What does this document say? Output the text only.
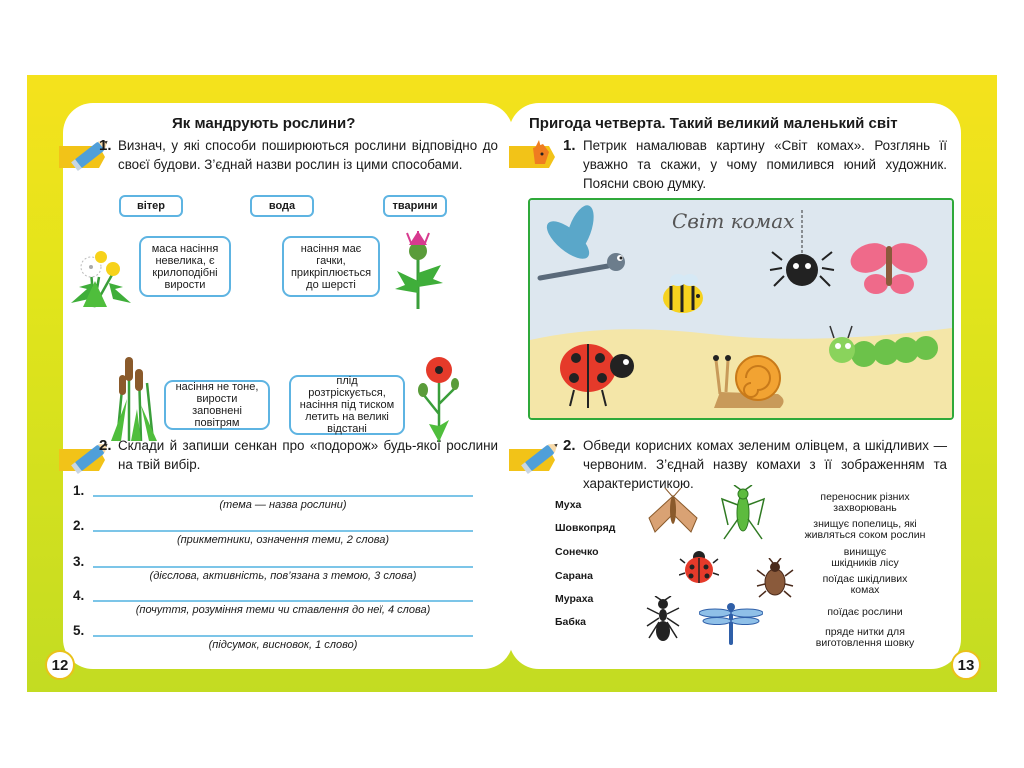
Як мандрують рослини?
1. Визнач, у які способи поширюються рослини відповідно до своєї будови. З’єднай назви рослин із цими способами.
вітер	вода	тварини
маса насіння невелика, є крилоподібні вирости
насіння має гачки, прикріплюється до шерсті
насіння не тоне, вирости заповнені повітрям
плід розтріскується, насіння під тиском летить на великі відстані
2. Склади й запиши сенкан про «подорож» будь-якої рослини на твій вибір.
1.
(тема — назва рослини)
2.
(прикметники, означення теми, 2 слова)
3.
(дієслова, активність, пов’язана з темою, 3 слова)
4.
(почуття, розуміння теми чи ставлення до неї, 4 слова)
5.
(підсумок, висновок, 1 слово)
12
Пригода четверта. Такий великий маленький світ
1. Петрик намалював картину «Світ комах». Розглянь її уважно та скажи, у чому помилився юний художник. Поясни свою думку.
2. Обведи корисних комах зеленим олівцем, а шкідливих — червоним. З’єднай назву комахи з її зображенням та характеристикою.
Муха
Шовкопряд
Сонечко
Сарана
Мураха
Бабка
переносник різних захворювань
знищує попелиць, які живляться соком рослин
винищує шкідників лісу
поїдає шкідливих комах
поїдає рослини
пряде нитки для виготовлення шовку
13
Світ комах
